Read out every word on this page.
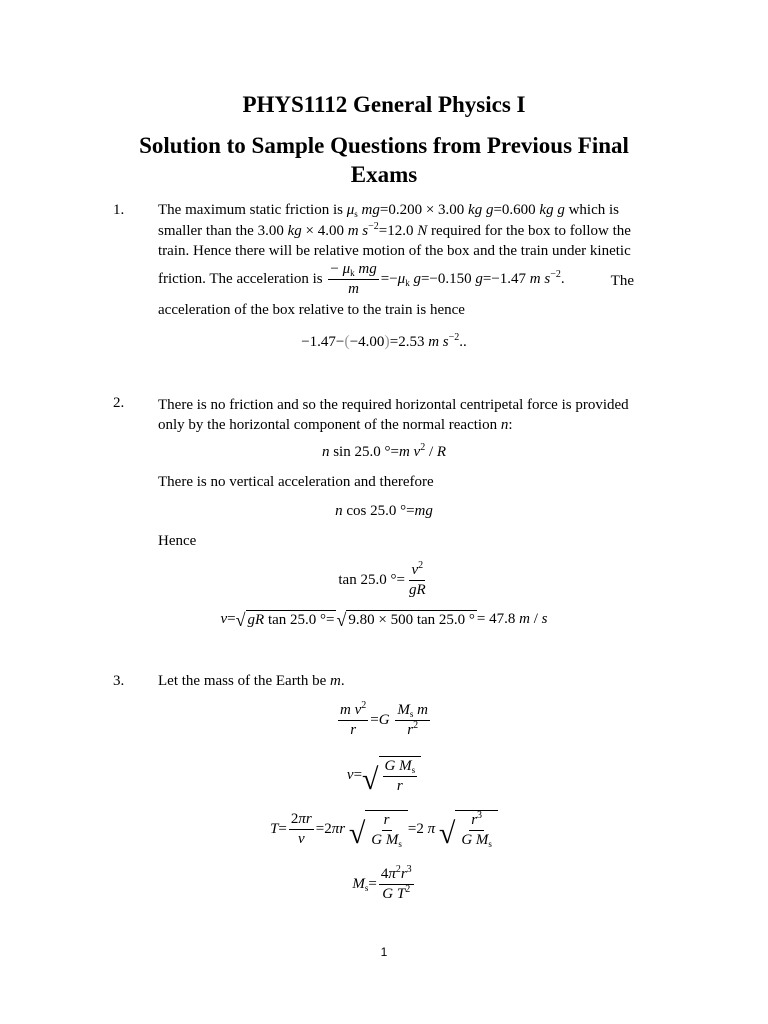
PHYS1112 General Physics I
Solution to Sample Questions from Previous Final Exams
1. The maximum static friction is $\mu_s$ mg=0.200 × 3.00 kg g=0.600 kg g which is
smaller than the 3.00 kg × 4.00 m $s^{-2}=12.0$ N required for the box to follow the
train. Hence there will be relative motion of the box and the train under kinetic
friction. The acceleration is $\frac{- \mu_k mg}{m} =-\mu_k$ g=−0.150 g=−1.47 m $s^{-2}$.	The
acceleration of the box relative to the train is hence
−1.47−(−4.00)=2.53 m $s^{-2}$..
2. There is no friction and so the required horizontal centripetal force is provided
only by the horizontal component of the normal reaction n:
n sin 25.0 °=m $v^2$ / R
There is no vertical acceleration and therefore
n cos 25.0 °=mg
Hence
tan 25.0 °= $\frac{v^2}{gR}$
v= √ gR
tan 25.0 °= √ 9.80 × 500 tan 25.0 ° = 47.8 m / s
3. Let the mass of the Earth be m.
$\frac{m v^2}{r} =G \frac{M_s m}{r^2}$
v= √ $\frac{G M_s}{r}$
$T= \frac{2\pi r}{v} =2\pi r$ √ $\frac{r}{G M_s} =2$ π √ $\frac{r^3}{G M_s}$
$M_s= \frac{4\pi^2r^3}{G T^2}$
1
